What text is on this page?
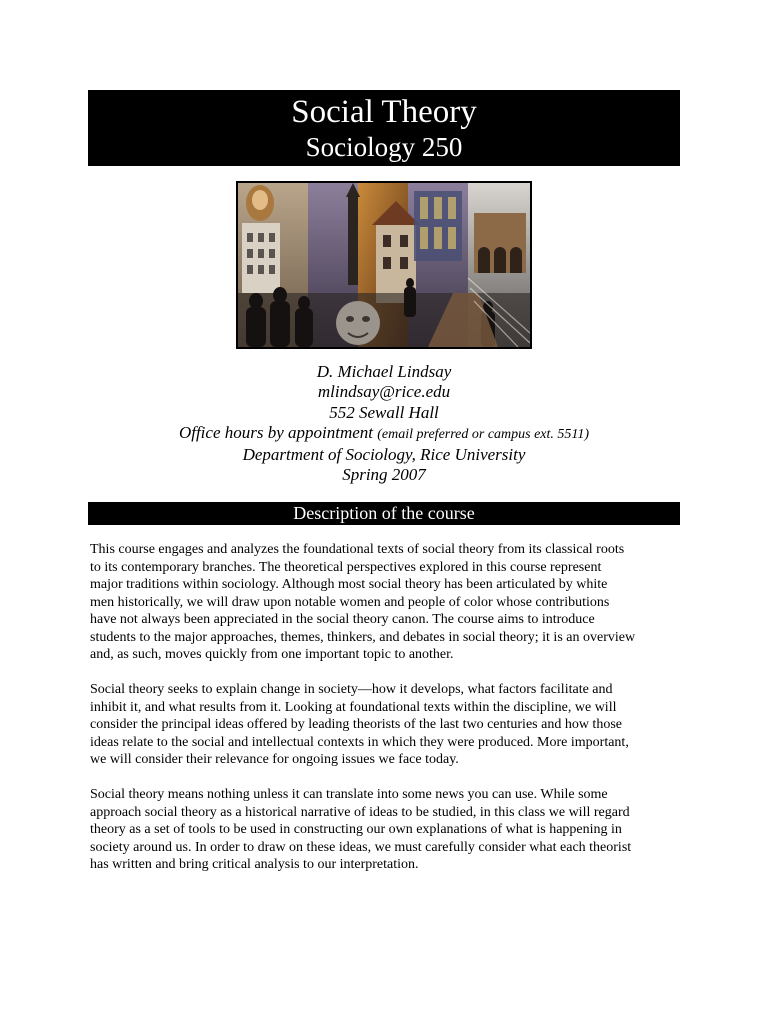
Social Theory
Sociology 250
D. Michael Lindsay
mlindsay@rice.edu
552 Sewall Hall
Office hours by appointment (email preferred or campus ext. 5511)
Department of Sociology, Rice University
Spring 2007
Description of the course

This course engages and analyzes the foundational texts of social theory from its classical roots
to its contemporary branches. The theoretical perspectives explored in this course represent
major traditions within sociology. Although most social theory has been articulated by white
men historically, we will draw upon notable women and people of color whose contributions
have not always been appreciated in the social theory canon. The course aims to introduce
students to the major approaches, themes, thinkers, and debates in social theory; it is an overview
and, as such, moves quickly from one important topic to another.

Social theory seeks to explain change in society—how it develops, what factors facilitate and
inhibit it, and what results from it. Looking at foundational texts within the discipline, we will
consider the principal ideas offered by leading theorists of the last two centuries and how those
ideas relate to the social and intellectual contexts in which they were produced. More important,
we will consider their relevance for ongoing issues we face today.

Social theory means nothing unless it can translate into some news you can use. While some
approach social theory as a historical narrative of ideas to be studied, in this class we will regard
theory as a set of tools to be used in constructing our own explanations of what is happening in
society around us. In order to draw on these ideas, we must carefully consider what each theorist
has written and bring critical analysis to our interpretation.
